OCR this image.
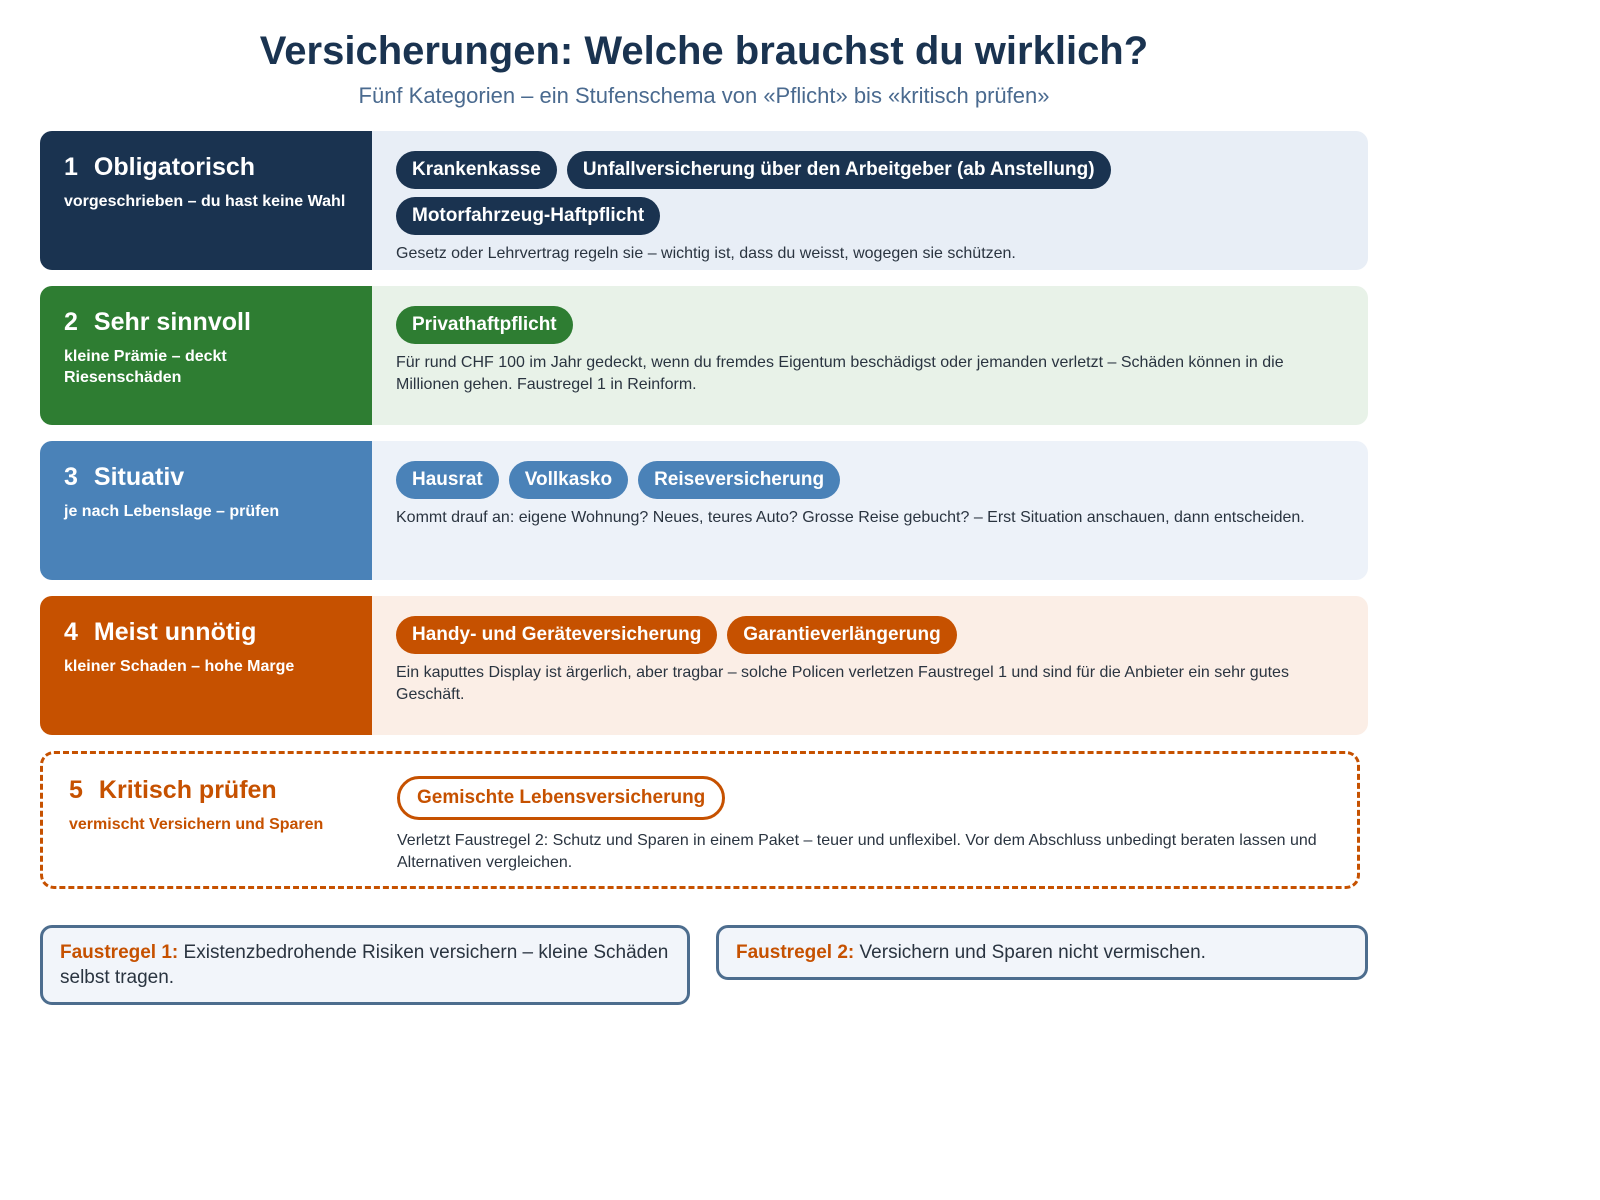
Versicherungen: Welche brauchst du wirklich?

Fünf Kategorien – ein Stufenschema von «Pflicht» bis «kritisch prüfen»

1 Obligatorisch
vorgeschrieben – du hast keine Wahl
Krankenkasse	Unfallversicherung über den Arbeitgeber (ab Anstellung)
Motorfahrzeug-Haftpflicht
Gesetz oder Lehrvertrag regeln sie – wichtig ist, dass du weisst, wogegen sie schützen.
2 Sehr sinnvoll
kleine Prämie – deckt Riesenschäden
Privathaftpflicht
Für rund CHF 100 im Jahr gedeckt, wenn du fremdes Eigentum beschädigst oder jemanden verletzt – Schäden können in die Millionen gehen. Faustregel 1 in Reinform.
3 Situativ
je nach Lebenslage – prüfen
Hausrat	Vollkasko	Reiseversicherung
Kommt drauf an: eigene Wohnung? Neues, teures Auto? Grosse Reise gebucht? – Erst Situation anschauen, dann entscheiden.
4 Meist unnötig
kleiner Schaden – hohe Marge
Handy- und Geräteversicherung	Garantieverlängerung
Ein kaputtes Display ist ärgerlich, aber tragbar – solche Policen verletzen Faustregel 1 und sind für die Anbieter ein sehr gutes Geschäft.
5 Kritisch prüfen
vermischt Versichern und Sparen
Gemischte Lebensversicherung
Verletzt Faustregel 2: Schutz und Sparen in einem Paket – teuer und unflexibel. Vor dem Abschluss unbedingt beraten lassen und Alternativen vergleichen.
Faustregel 1: Existenzbedrohende Risiken versichern – kleine Schäden selbst tragen.
Faustregel 2: Versichern und Sparen nicht vermischen.
